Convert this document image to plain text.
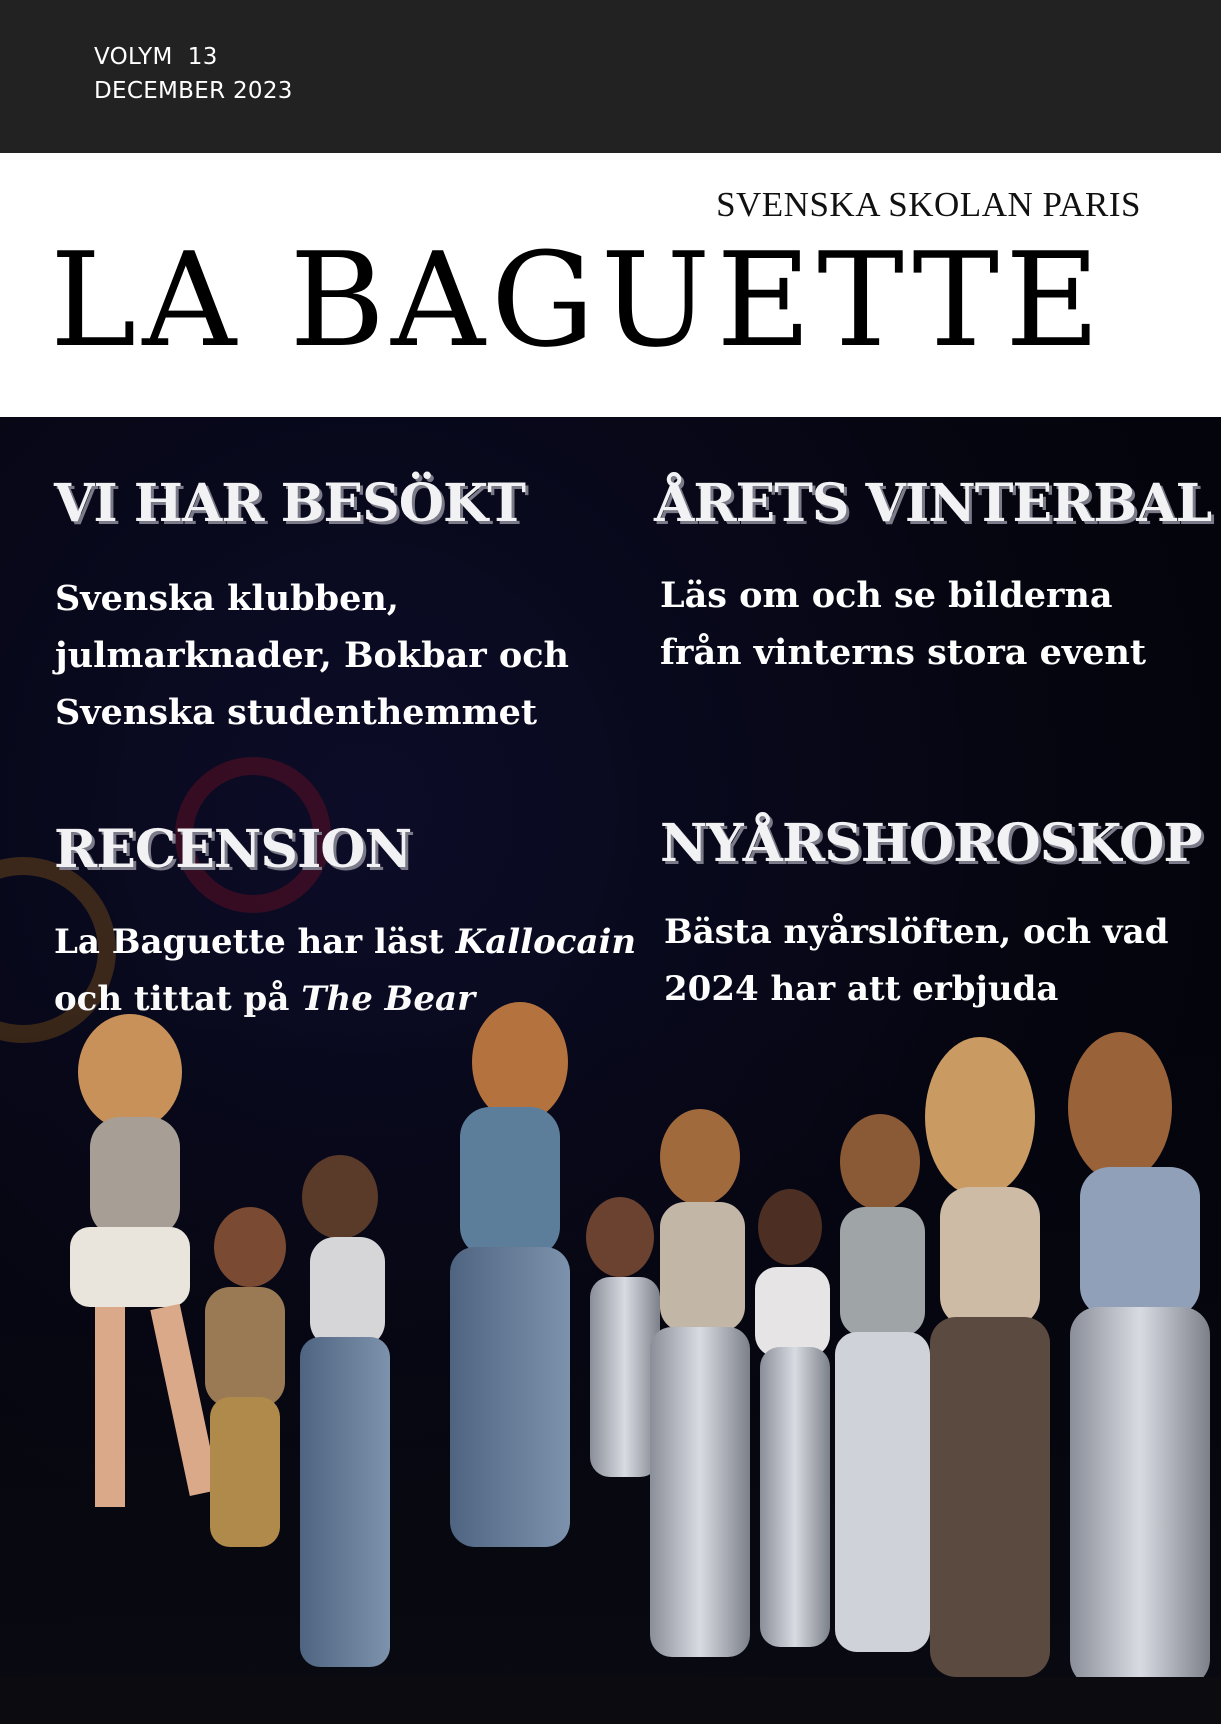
VOLYM  13
DECEMBER 2023
SVENSKA SKOLAN PARIS
LA BAGUETTE
VI HAR BESÖKT
Svenska klubben,
julmarknader, Bokbar och
Svenska studenthemmet
ÅRETS VINTERBAL
Läs om och se bilderna
från vinterns stora event
RECENSION
La Baguette har läst Kallocain
NYÅRSHOROSKOP
Bästa nyårslöften, och vad
